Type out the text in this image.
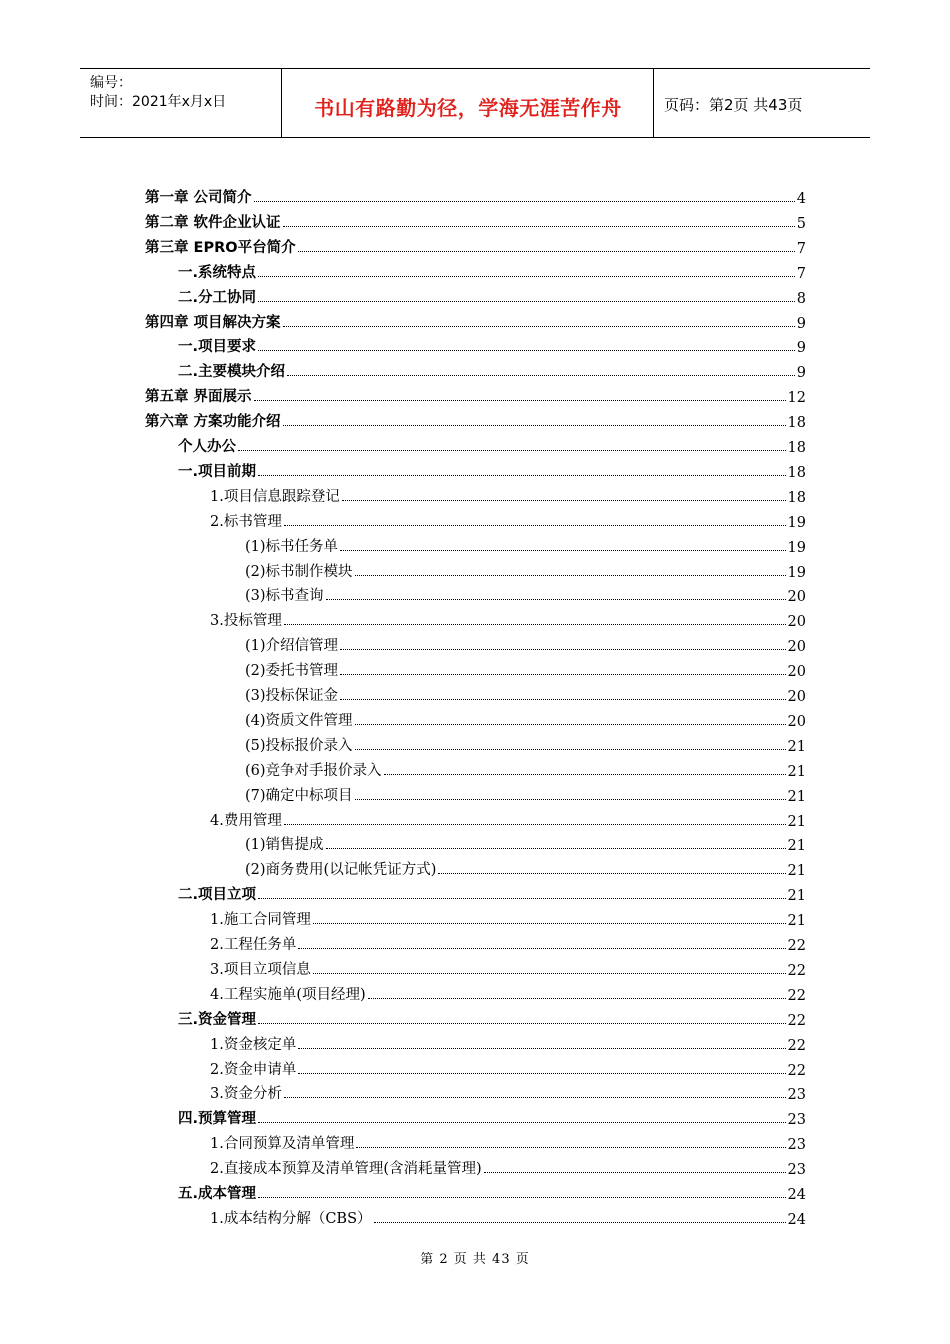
编号：
时间：2021年x月x日	书山有路勤为径，学海无涯苦作舟	页码：第2页 共43页
第一章 公司简介	4
第二章 软件企业认证	5
第三章 EPRO平台简介	7
一.系统特点	7
二.分工协同	8
第四章 项目解决方案	9
一.项目要求	9
二.主要模块介绍	9
第五章 界面展示	12
第六章 方案功能介绍	18
个人办公	18
一.项目前期	18
1.项目信息跟踪登记	18
2.标书管理	19
(1)标书任务单	19
(2)标书制作模块	19
(3)标书查询	20
3.投标管理	20
(1)介绍信管理	20
(2)委托书管理	20
(3)投标保证金	20
(4)资质文件管理	20
(5)投标报价录入	21
(6)竞争对手报价录入	21
(7)确定中标项目	21
4.费用管理	21
(1)销售提成	21
(2)商务费用(以记帐凭证方式)	21
二.项目立项	21
1.施工合同管理	21
2.工程任务单	22
3.项目立项信息	22
4.工程实施单(项目经理)	22
三.资金管理	22
1.资金核定单	22
2.资金申请单	22
3.资金分析	23
四.预算管理	23
1.合同预算及清单管理	23
2.直接成本预算及清单管理(含消耗量管理)	23
五.成本管理	24
1.成本结构分解（CBS）	24
第 2 页 共 43 页
